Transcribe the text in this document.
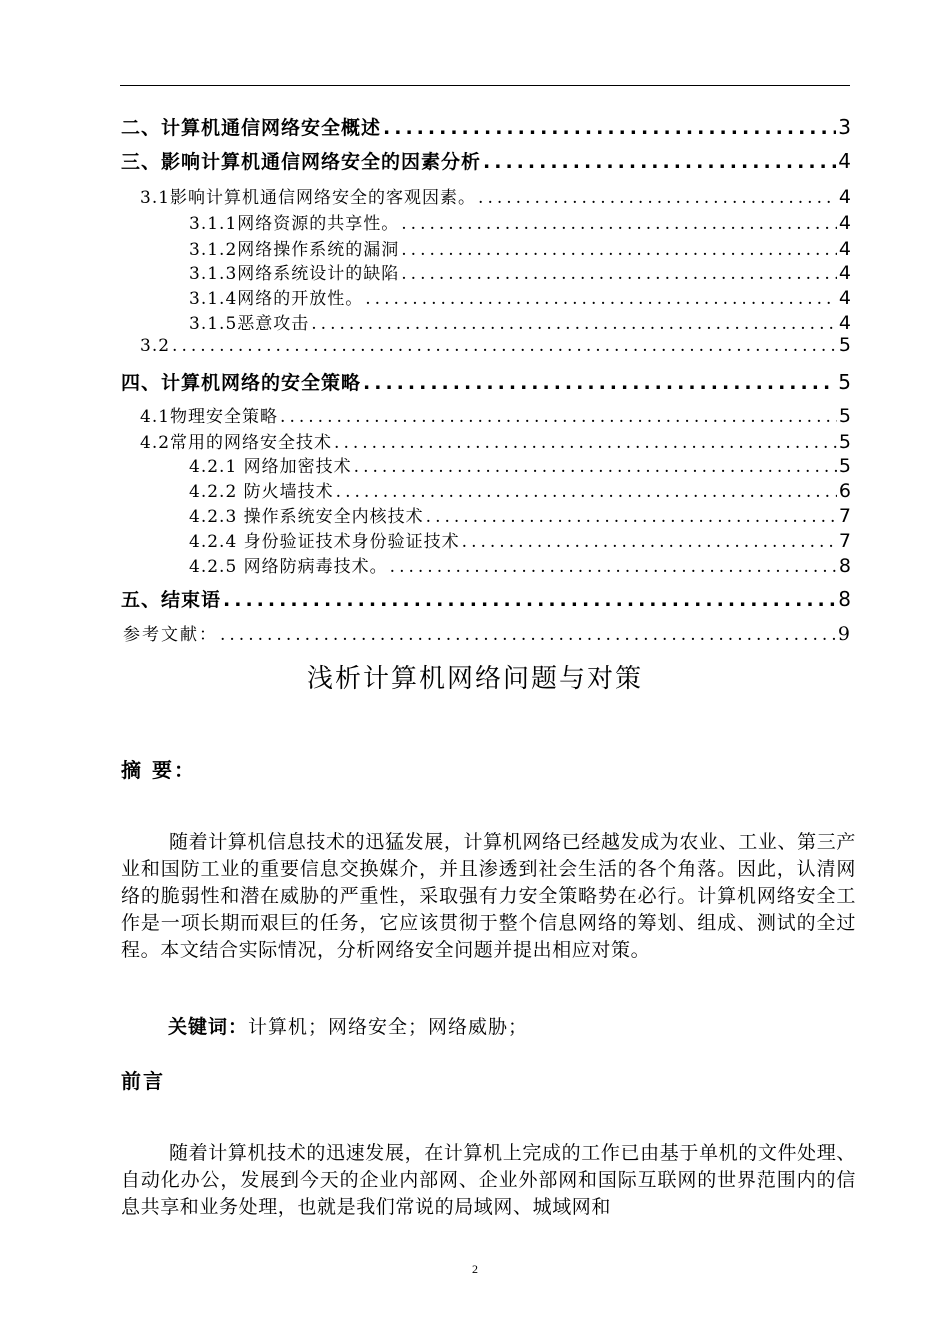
二、计算机通信网络安全概述 .....	3
三、影响计算机通信网络安全的因素分析 .....	4
3.1影响计算机通信网络安全的客观因素。 .....	4
3.1.1网络资源的共享性。 .....	4
3.1.2网络操作系统的漏洞 .....	4
3.1.3网络系统设计的缺陷 .....	4
3.1.4网络的开放性。 .....	4
3.1.5恶意攻击 .....	4
3.2 .....	5
四、计算机网络的安全策略 .....	5
4.1物理安全策略 .....	5
4.2常用的网络安全技术 .....	5
4.2.1 网络加密技术 .....	5
4.2.2 防火墙技术 .....	6
4.2.3 操作系统安全内核技术 .....	7
4.2.4 身份验证技术身份验证技术 .....	7
4.2.5 网络防病毒技术。 .....	8
五、结束语 .....	8
参考文献： .....	9
浅析计算机网络问题与对策
摘 要：
随着计算机信息技术的迅猛发展，计算机网络已经越发成为农业、工业、第三产业和国防工业的重要信息交换媒介，并且渗透到社会生活的各个角落。因此，认清网络的脆弱性和潜在威胁的严重性，采取强有力安全策略势在必行。计算机网络安全工作是一项长期而艰巨的任务，它应该贯彻于整个信息网络的筹划、组成、测试的全过程。本文结合实际情况，分析网络安全问题并提出相应对策。
关键词：计算机；网络安全；网络威胁；
前言
随着计算机技术的迅速发展，在计算机上完成的工作已由基于单机的文件处理、自动化办公，发展到今天的企业内部网、企业外部网和国际互联网的世界范围内的信息共享和业务处理，也就是我们常说的局域网、城域网和
2
